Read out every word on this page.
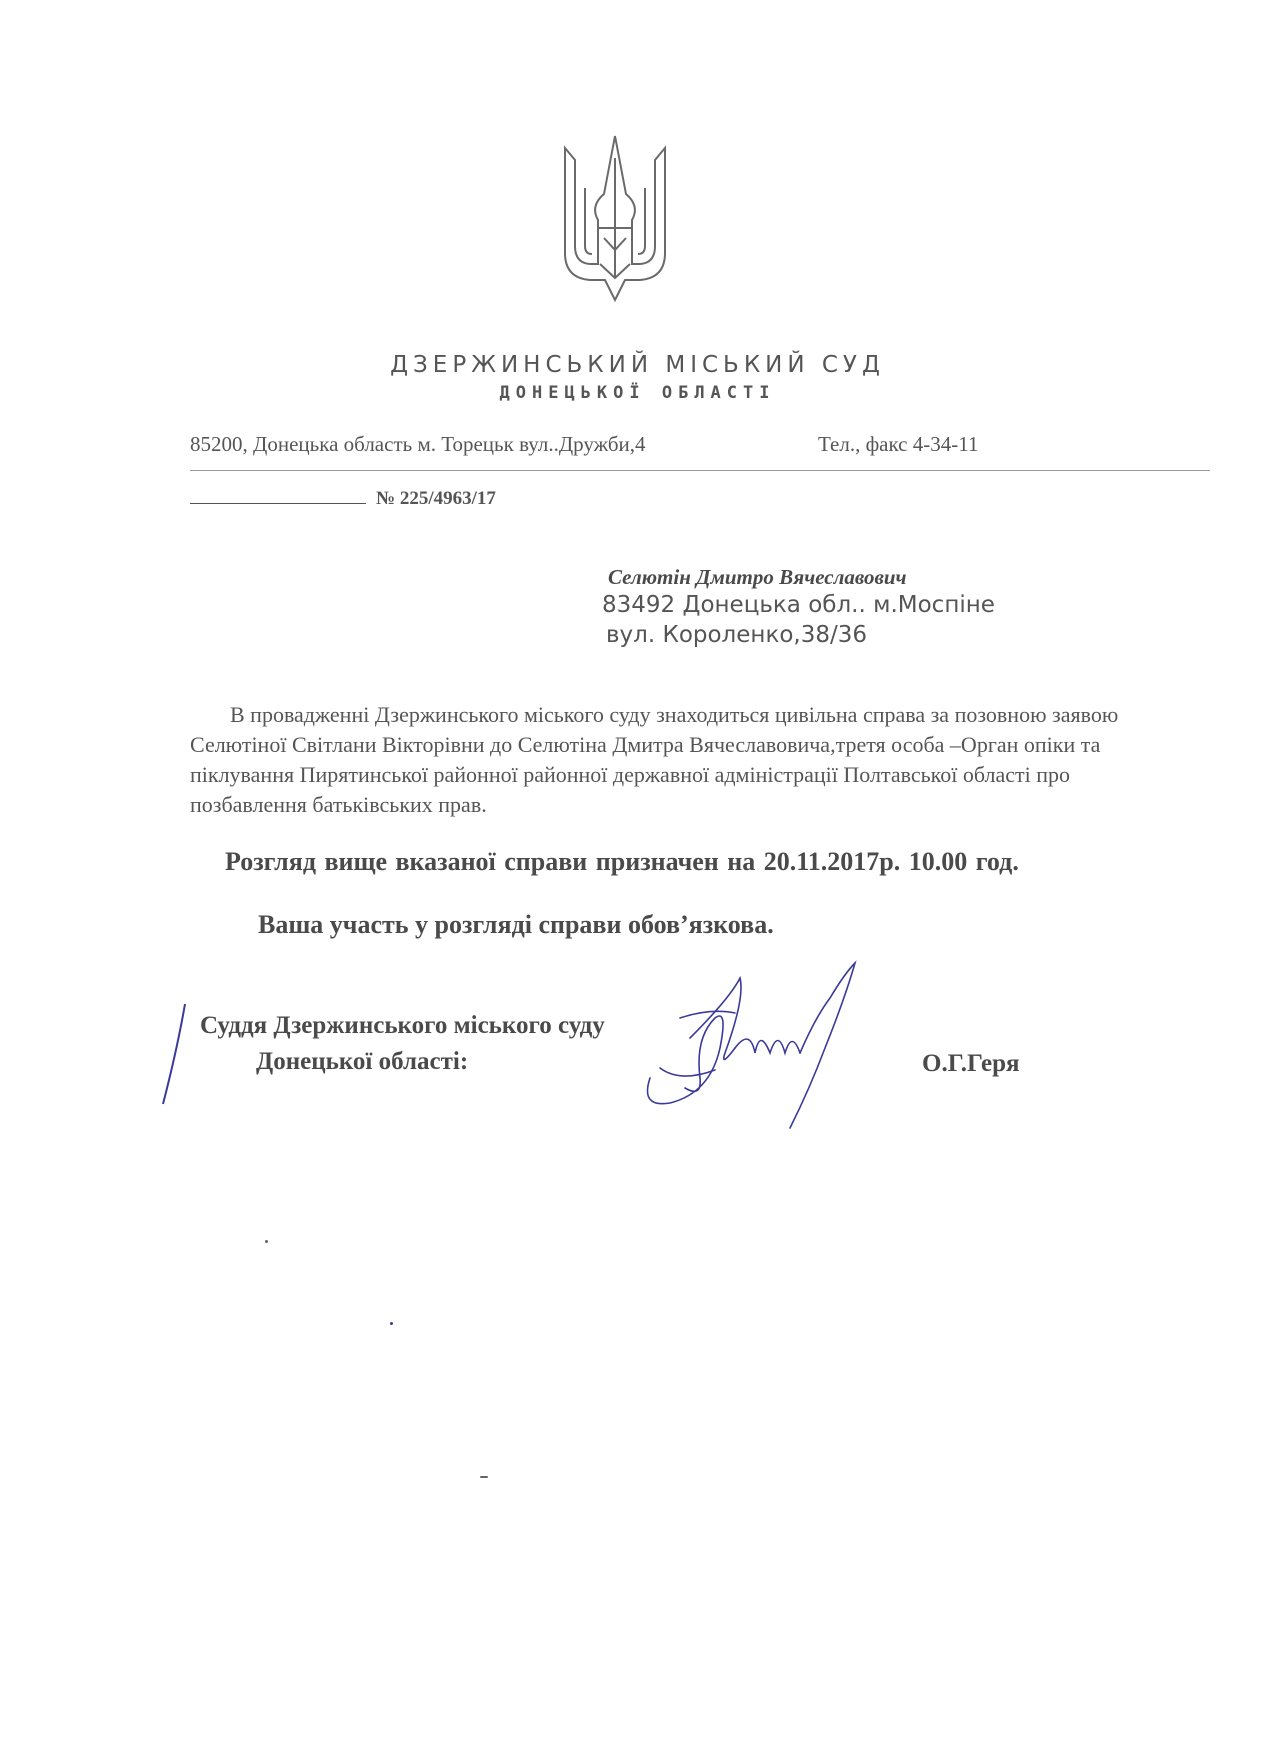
ДЗЕРЖИНСЬКИЙ МІСЬКИЙ СУД
ДОНЕЦЬКОЇ ОБЛАСТІ
85200, Донецька область м. Торецьк вул..Дружби,4	Тел., факс 4-34-11
№ 225/4963/17
Селютін Дмитро Вячеславович
83492 Донецька обл.. м.Моспіне
вул. Короленко,38/36

В провадженні Дзержинського міського суду знаходиться цивільна справа за позовною заявою Селютіної Світлани Вікторівни до Селютіна Дмитра Вячеславовича,третя особа –Орган опіки та піклування Пирятинської районної районної державної адміністрації Полтавської області про позбавлення батьківських прав.

Розгляд вище вказаної справи призначен на 20.11.2017р. 10.00 год.
Ваша участь у розгляді справи обов’язкова.
Суддя Дзержинського міського суду
Донецької області:	О.Г.Геря
